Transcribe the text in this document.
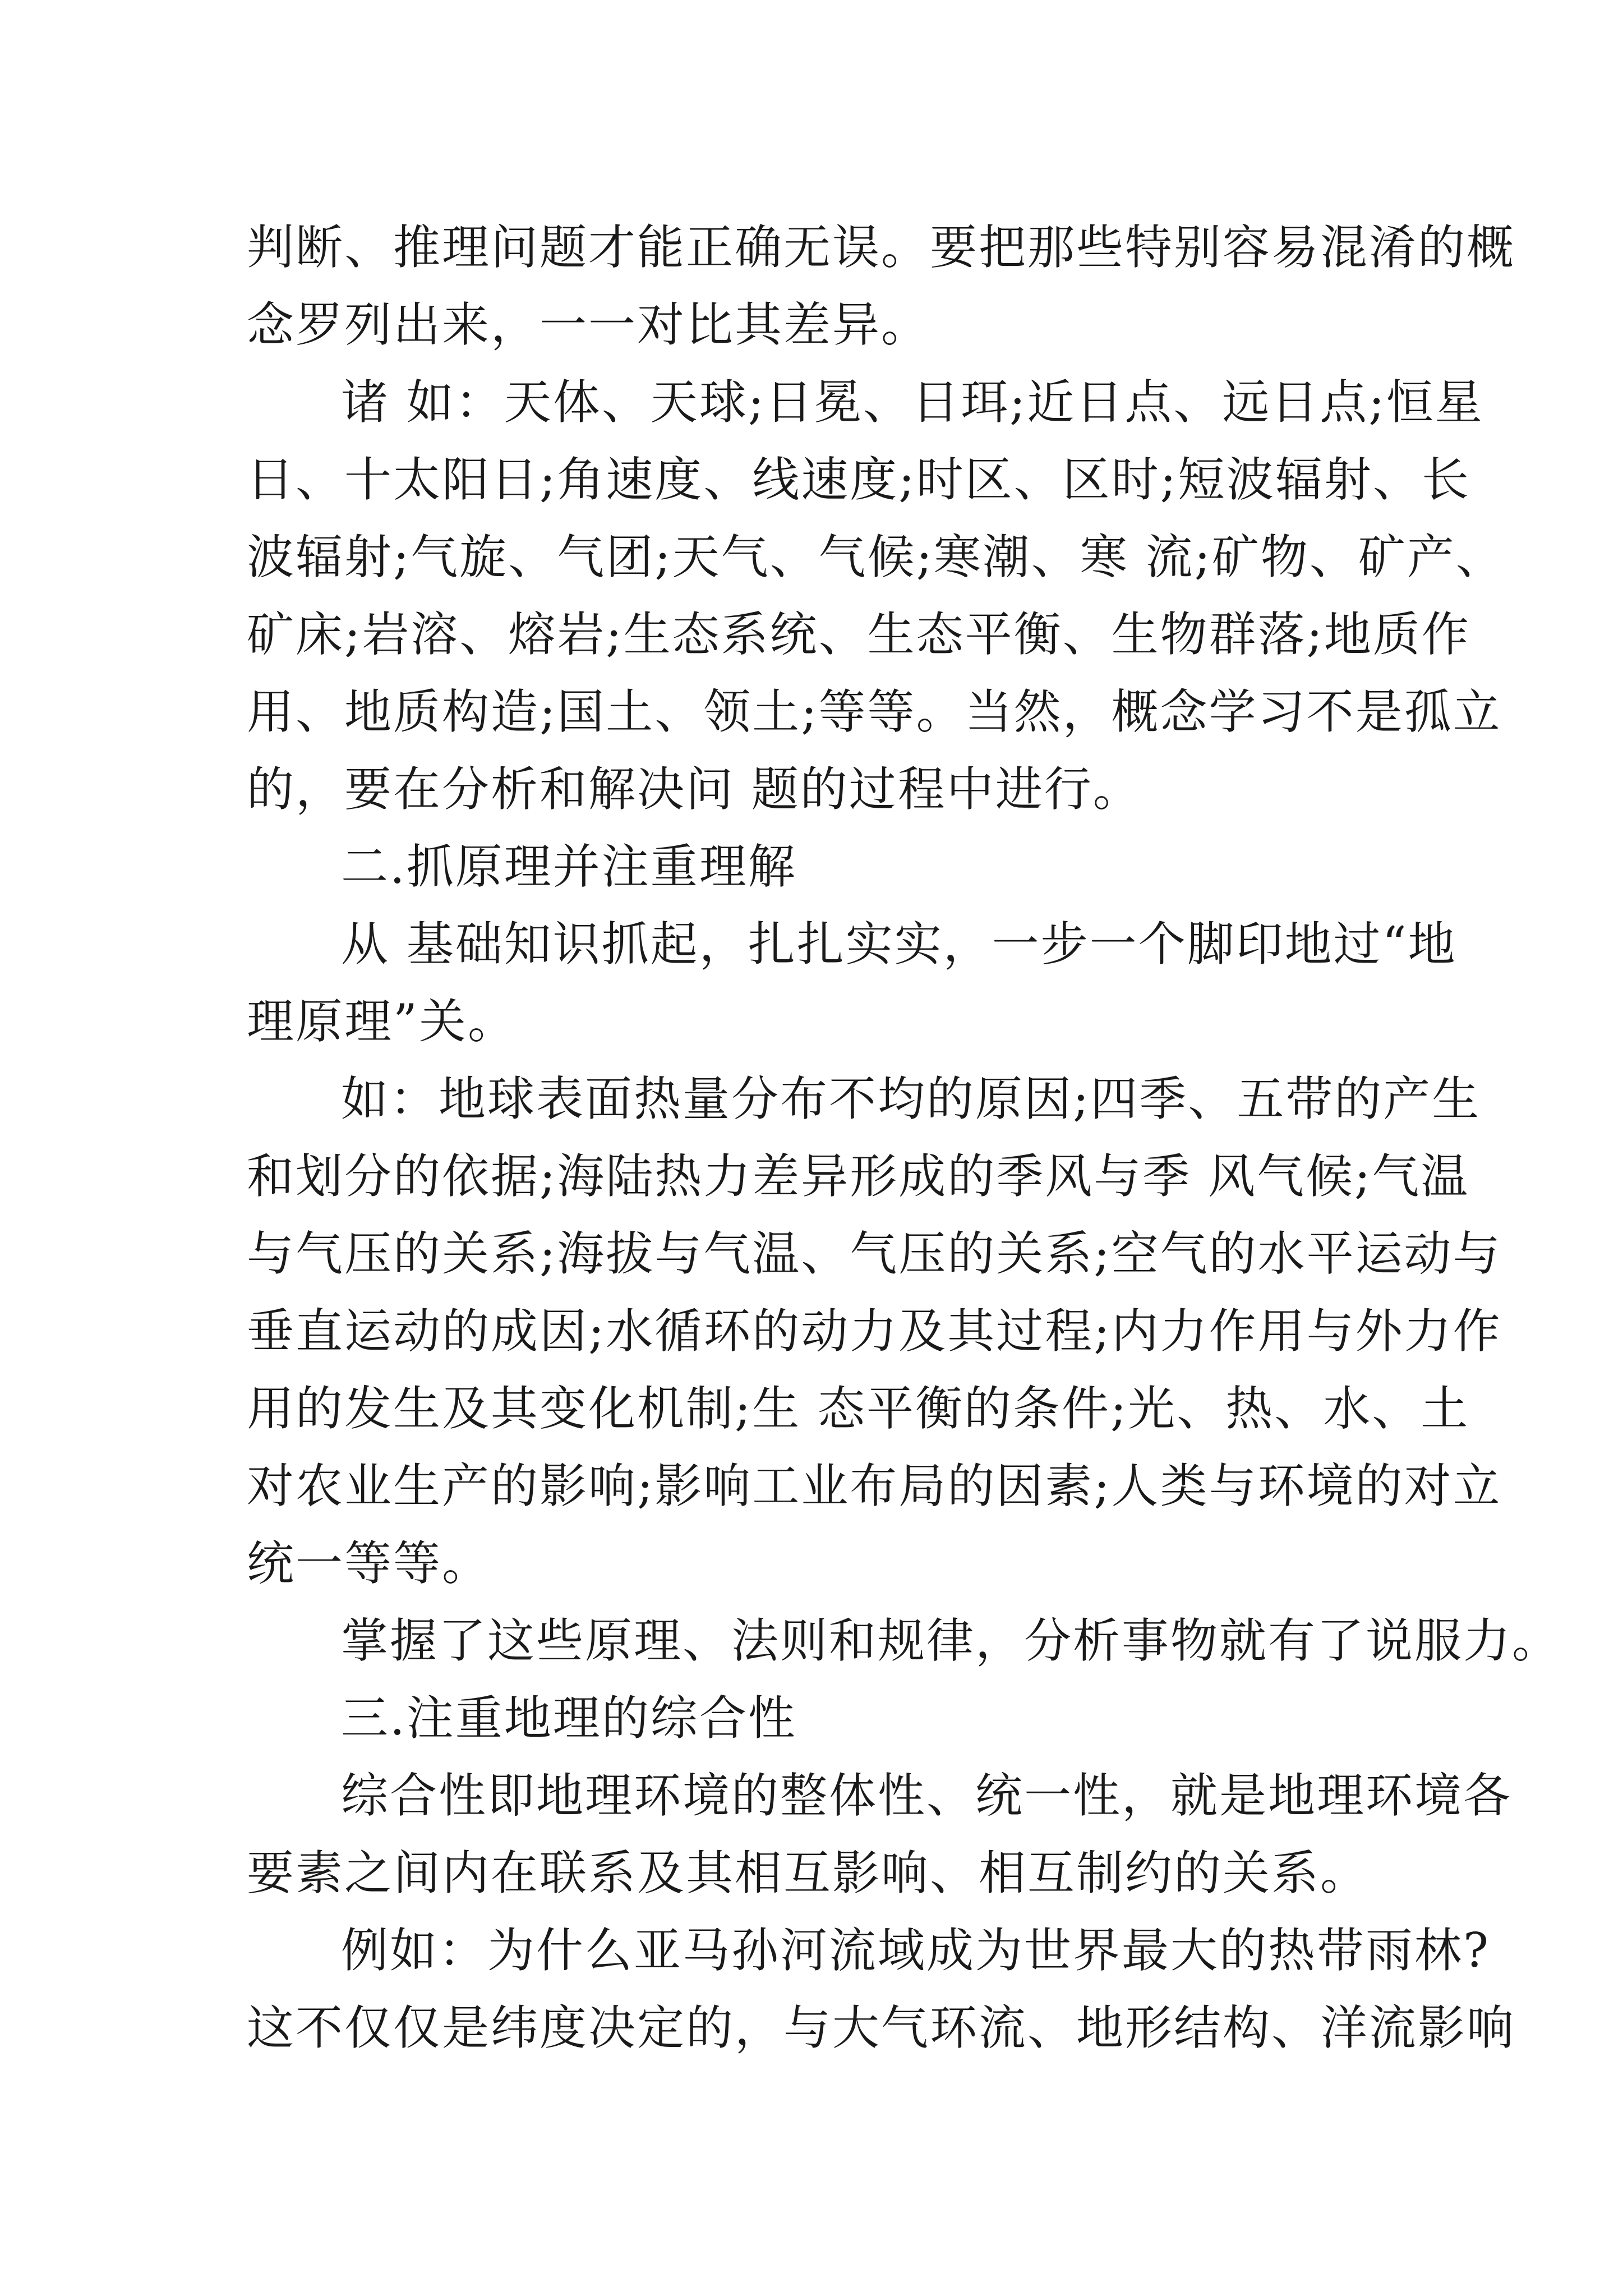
判断、推理问题才能正确无误。要把那些特别容易混淆的概
念罗列出来，一一对比其差异。
诸 如：天体、天球;日冕、日珥;近日点、远日点;恒星
日、十太阳日;角速度、线速度;时区、区时;短波辐射、长
波辐射;气旋、气团;天气、气候;寒潮、寒 流;矿物、矿产、
矿床;岩溶、熔岩;生态系统、生态平衡、生物群落;地质作
用、地质构造;国土、领土;等等。当然，概念学习不是孤立
的，要在分析和解决问 题的过程中进行。
二.抓原理并注重理解
从 基础知识抓起，扎扎实实，一步一个脚印地过“地
理原理”关。
如：地球表面热量分布不均的原因;四季、五带的产生
和划分的依据;海陆热力差异形成的季风与季 风气候;气温
与气压的关系;海拔与气温、气压的关系;空气的水平运动与
垂直运动的成因;水循环的动力及其过程;内力作用与外力作
用的发生及其变化机制;生 态平衡的条件;光、热、水、土
对农业生产的影响;影响工业布局的因素;人类与环境的对立
统一等等。
掌握了这些原理、法则和规律，分析事物就有了说服力。
三.注重地理的综合性
综合性即地理环境的整体性、统一性，就是地理环境各
要素之间内在联系及其相互影响、相互制约的关系。
例如：为什么亚马孙河流域成为世界最大的热带雨林?
这不仅仅是纬度决定的，与大气环流、地形结构、洋流影响
